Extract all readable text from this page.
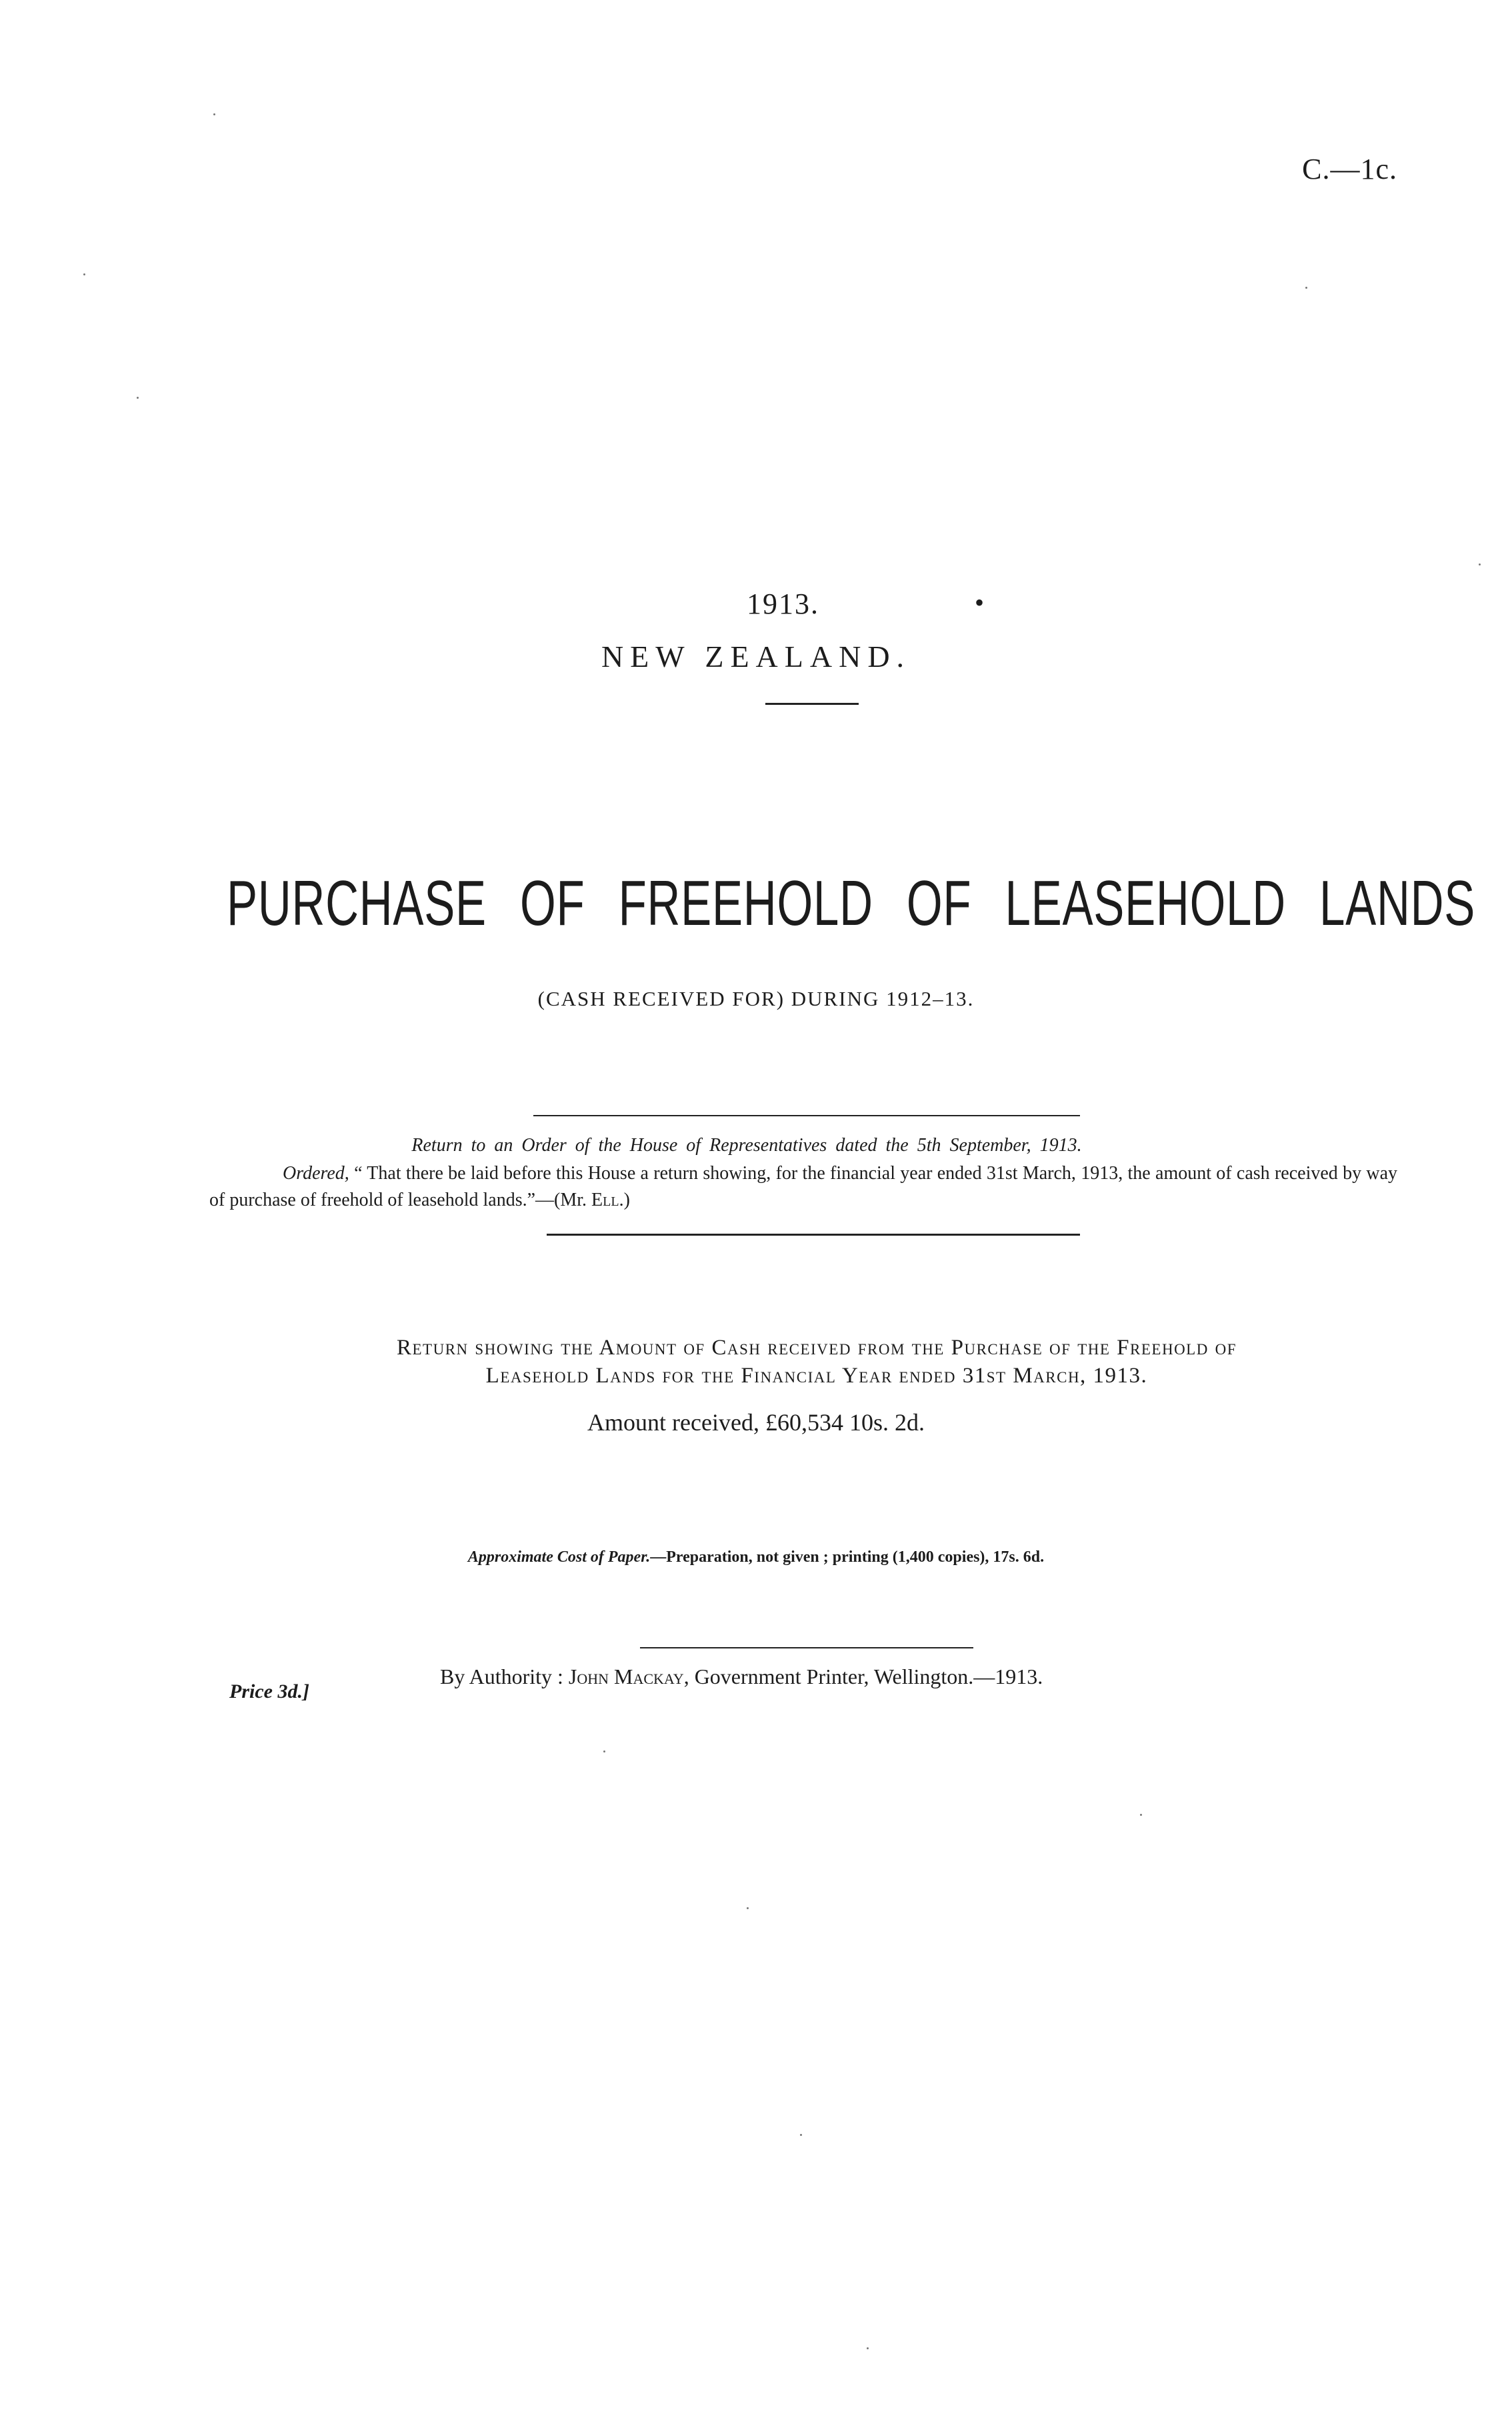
C.—1c.
1913.	•
NEW ZEALAND.
PURCHASE OF FREEHOLD OF LEASEHOLD LANDS
(CASH RECEIVED FOR) DURING 1912–13.
Return to an Order of the House of Representatives dated the 5th September, 1913.
Ordered, “ That there be laid before this House a return showing, for the financial year ended 31st March, 1913, the amount of cash received by way of purchase of freehold of leasehold lands.”—(Mr. Ell.)
Return showing the Amount of Cash received from the Purchase of the Freehold of
Leasehold Lands for the Financial Year ended 31st March, 1913.
Amount received, £60,534 10s. 2d.
Approximate Cost of Paper.—Preparation, not given ; printing (1,400 copies), 17s. 6d.
By Authority : John Mackay, Government Printer, Wellington.—1913.
Price 3d.]
